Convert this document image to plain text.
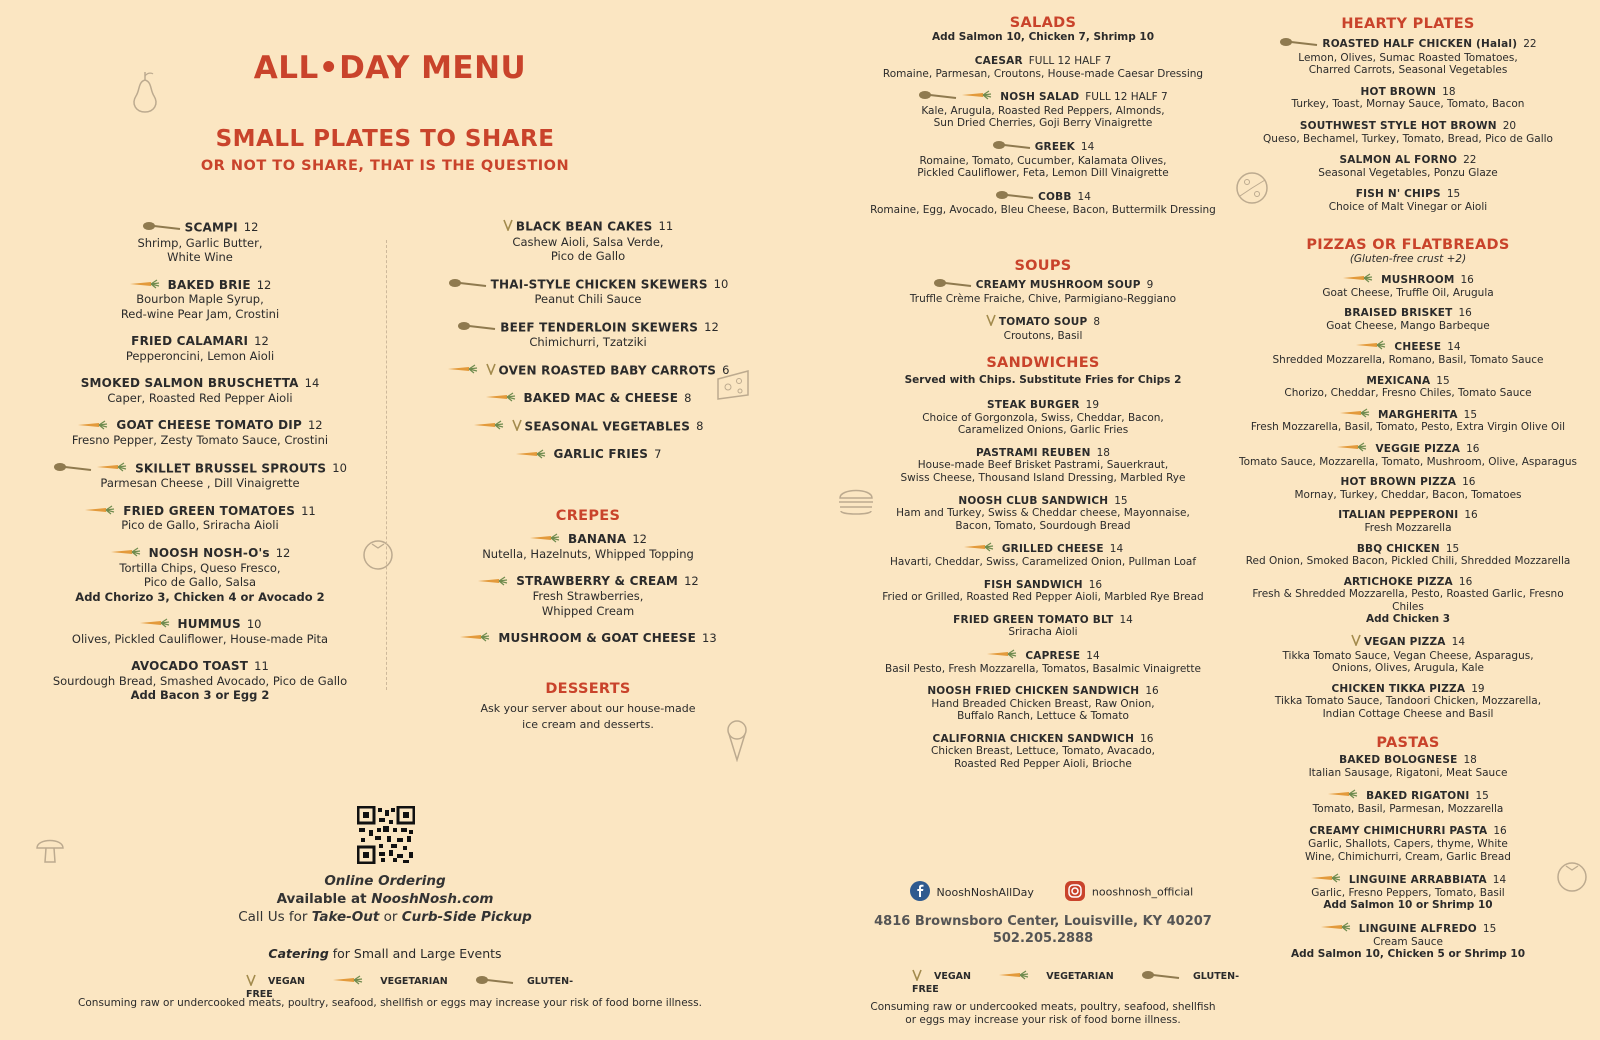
ALL•DAY MENU
SMALL PLATES TO SHARE
OR NOT TO SHARE, THAT IS THE QUESTION
SCAMPI 12
Shrimp, Garlic Butter,
White Wine
BAKED BRIE 12
Bourbon Maple Syrup,
Red-wine Pear Jam, Crostini
FRIED CALAMARI 12
Pepperoncini, Lemon Aioli
SMOKED SALMON BRUSCHETTA 14
Caper, Roasted Red Pepper Aioli
GOAT CHEESE TOMATO DIP 12
Fresno Pepper, Zesty Tomato Sauce, Crostini
SKILLET BRUSSEL SPROUTS 10
Parmesan Cheese , Dill Vinaigrette
FRIED GREEN TOMATOES 11
Pico de Gallo, Sriracha Aioli
NOOSH NOSH-O's 12
Tortilla Chips, Queso Fresco,
Pico de Gallo, Salsa
Add Chorizo 3, Chicken 4 or Avocado 2
HUMMUS 10
Olives, Pickled Cauliflower, House-made Pita
AVOCADO TOAST 11
Sourdough Bread, Smashed Avocado, Pico de Gallo
Add Bacon 3 or Egg 2
BLACK BEAN CAKES 11
Cashew Aioli, Salsa Verde,
Pico de Gallo
THAI-STYLE CHICKEN SKEWERS 10
Peanut Chili Sauce
BEEF TENDERLOIN SKEWERS 12
Chimichurri, Tzatziki
OVEN ROASTED BABY CARROTS 6
BAKED MAC & CHEESE 8
SEASONAL VEGETABLES 8
GARLIC FRIES 7
CREPES
BANANA 12
Nutella, Hazelnuts, Whipped Topping
STRAWBERRY & CREAM 12
Fresh Strawberries,
Whipped Cream
MUSHROOM & GOAT CHEESE 13
DESSERTS
Ask your server about our house-made
ice cream and desserts.
Online Ordering
Available at NooshNosh.com
Call Us for Take-Out or Curb-Side Pickup
Catering for Small and Large Events
VEGAN	VEGETARIAN	GLUTEN-FREE
Consuming raw or undercooked meats, poultry, seafood, shellfish or eggs may increase your risk of food borne illness.
SALADS
Add Salmon 10, Chicken 7, Shrimp 10
CAESAR FULL 12 HALF 7
Romaine, Parmesan, Croutons, House-made Caesar Dressing
NOSH SALAD FULL 12 HALF 7
Kale, Arugula, Roasted Red Peppers, Almonds,
Sun Dried Cherries, Goji Berry Vinaigrette
GREEK 14
Romaine, Tomato, Cucumber, Kalamata Olives,
Pickled Cauliflower, Feta, Lemon Dill Vinaigrette
COBB 14
Romaine, Egg, Avocado, Bleu Cheese, Bacon, Buttermilk Dressing
SOUPS
CREAMY MUSHROOM SOUP 9
Truffle Crème Fraiche, Chive, Parmigiano-Reggiano
TOMATO SOUP 8
Croutons, Basil
SANDWICHES
Served with Chips. Substitute Fries for Chips 2
STEAK BURGER 19
Choice of Gorgonzola, Swiss, Cheddar, Bacon,
Caramelized Onions, Garlic Fries
PASTRAMI REUBEN 18
House-made Beef Brisket Pastrami, Sauerkraut,
Swiss Cheese, Thousand Island Dressing, Marbled Rye
NOOSH CLUB SANDWICH 15
Ham and Turkey, Swiss & Cheddar cheese, Mayonnaise,
Bacon, Tomato, Sourdough Bread
GRILLED CHEESE 14
Havarti, Cheddar, Swiss, Caramelized Onion, Pullman Loaf
FISH SANDWICH 16
Fried or Grilled, Roasted Red Pepper Aioli, Marbled Rye Bread
FRIED GREEN TOMATO BLT 14
Sriracha Aioli
CAPRESE 14
Basil Pesto, Fresh Mozzarella, Tomatos, Basalmic Vinaigrette
NOOSH FRIED CHICKEN SANDWICH 16
Hand Breaded Chicken Breast, Raw Onion,
Buffalo Ranch, Lettuce & Tomato
CALIFORNIA CHICKEN SANDWICH 16
Chicken Breast, Lettuce, Tomato, Avacado,
Roasted Red Pepper Aioli, Brioche
NooshNoshAllDay	nooshnosh_official
4816 Brownsboro Center, Louisville, KY 40207
502.205.2888
VEGAN	VEGETARIAN	GLUTEN-FREE
Consuming raw or undercooked meats, poultry, seafood, shellfish
or eggs may increase your risk of food borne illness.
HEARTY PLATES
ROASTED HALF CHICKEN (Halal) 22
Lemon, Olives, Sumac Roasted Tomatoes,
Charred Carrots, Seasonal Vegetables
HOT BROWN 18
Turkey, Toast, Mornay Sauce, Tomato, Bacon
SOUTHWEST STYLE HOT BROWN 20
Queso, Bechamel, Turkey, Tomato, Bread, Pico de Gallo
SALMON AL FORNO 22
Seasonal Vegetables, Ponzu Glaze
FISH N' CHIPS 15
Choice of Malt Vinegar or Aioli
PIZZAS OR FLATBREADS
(Gluten-free crust +2)
MUSHROOM 16
Goat Cheese, Truffle Oil, Arugula
BRAISED BRISKET 16
Goat Cheese, Mango Barbeque
CHEESE 14
Shredded Mozzarella, Romano, Basil, Tomato Sauce
MEXICANA 15
Chorizo, Cheddar, Fresno Chiles, Tomato Sauce
MARGHERITA 15
Fresh Mozzarella, Basil, Tomato, Pesto, Extra Virgin Olive Oil
VEGGIE PIZZA 16
Tomato Sauce, Mozzarella, Tomato, Mushroom, Olive, Asparagus
HOT BROWN PIZZA 16
Mornay, Turkey, Cheddar, Bacon, Tomatoes
ITALIAN PEPPERONI 16
Fresh Mozzarella
BBQ CHICKEN 15
Red Onion, Smoked Bacon, Pickled Chili, Shredded Mozzarella
ARTICHOKE PIZZA 16
Fresh & Shredded Mozzarella, Pesto, Roasted Garlic, Fresno Chiles
Add Chicken 3
VEGAN PIZZA 14
Tikka Tomato Sauce, Vegan Cheese, Asparagus,
Onions, Olives, Arugula, Kale
CHICKEN TIKKA PIZZA 19
Tikka Tomato Sauce, Tandoori Chicken, Mozzarella,
Indian Cottage Cheese and Basil
PASTAS
BAKED BOLOGNESE 18
Italian Sausage, Rigatoni, Meat Sauce
BAKED RIGATONI 15
Tomato, Basil, Parmesan, Mozzarella
CREAMY CHIMICHURRI PASTA 16
Garlic, Shallots, Capers, thyme, White
Wine, Chimichurri, Cream, Garlic Bread
LINGUINE ARRABBIATA 14
Garlic, Fresno Peppers, Tomato, Basil
Add Salmon 10 or Shrimp 10
LINGUINE ALFREDO 15
Cream Sauce
Add Salmon 10, Chicken 5 or Shrimp 10
